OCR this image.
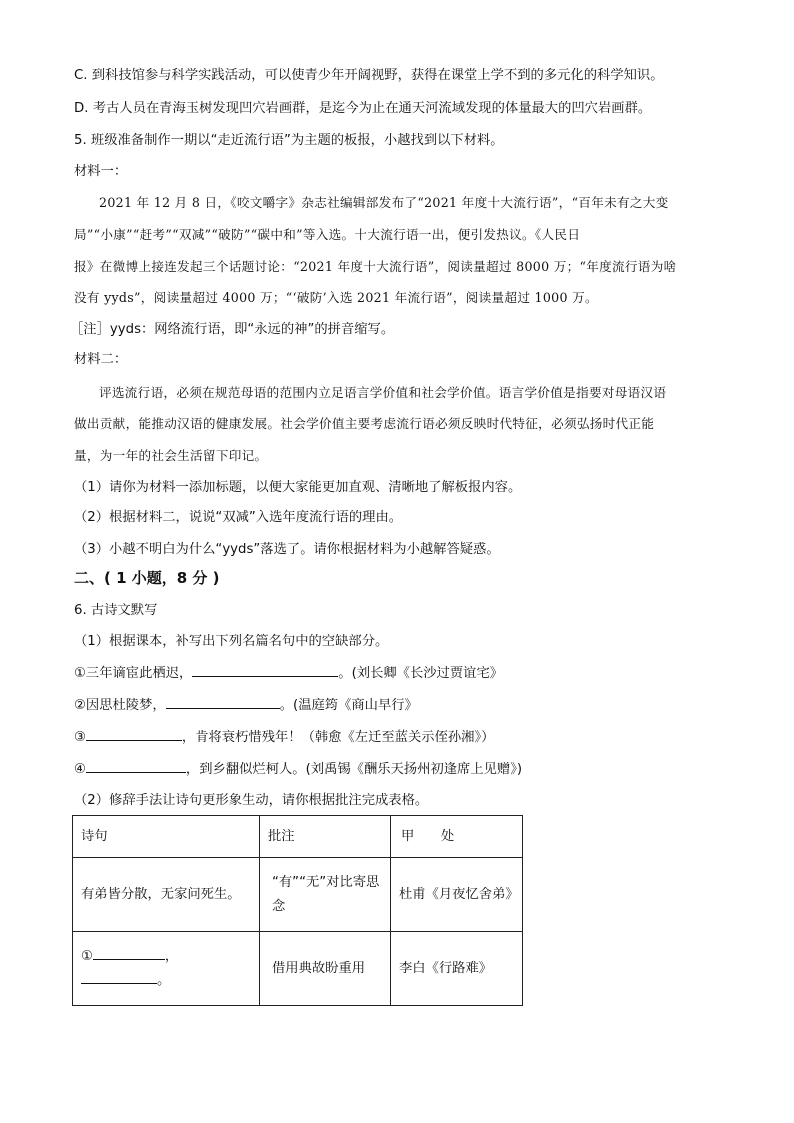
C. 到科技馆参与科学实践活动，可以使青少年开阔视野，获得在课堂上学不到的多元化的科学知识。
D. 考古人员在青海玉树发现凹穴岩画群，是迄今为止在通天河流域发现的体量最大的凹穴岩画群。
5. 班级准备制作一期以“走近流行语”为主题的板报，小越找到以下材料。
材料一：
2021 年 12 月 8 日，《咬文嚼字》杂志社编辑部发布了“2021 年度十大流行语”，“百年未有之大变
局”“小康”“赶考”“双减”“破防”“碳中和”等入选。十大流行语一出，便引发热议。《人民日
报》在微博上接连发起三个话题讨论：“2021 年度十大流行语”，阅读量超过 8000 万；“年度流行语为啥
没有 yyds”，阅读量超过 4000 万；“‘破防’入选 2021 年流行语”，阅读量超过 1000 万。
［注］yyds：网络流行语，即“永远的神”的拼音缩写。
材料二：
评选流行语，必须在规范母语的范围内立足语言学价值和社会学价值。语言学价值是指要对母语汉语
做出贡献，能推动汉语的健康发展。社会学价值主要考虑流行语必须反映时代特征，必须弘扬时代正能
量，为一年的社会生活留下印记。
（1）请你为材料一添加标题，以便大家能更加直观、清晰地了解板报内容。
（2）根据材料二，说说“双减”入选年度流行语的理由。
（3）小越不明白为什么“yyds”落选了。请你根据材料为小越解答疑惑。
二、( 1 小题，8 分 )
6. 古诗文默写
（1）根据课本，补写出下列名篇名句中的空缺部分。
①三年谪宦此栖迟，	。(刘长卿《长沙过贾谊宅》
②因思杜陵梦，	。(温庭筠《商山早行》
③	，肯将衰朽惜残年！（韩愈《左迁至蓝关示侄孙湘》）
④	，到乡翻似烂柯人。(刘禹锡《酬乐天扬州初逢席上见赠》)
（2）修辞手法让诗句更形象生动，请你根据批注完成表格。
诗句	批注	甲　　处
有弟皆分散，无家问死生。	“有”“无”对比寄思念	杜甫《月夜忆舍弟》

① ，
。	借用典故盼重用	李白《行路难》
